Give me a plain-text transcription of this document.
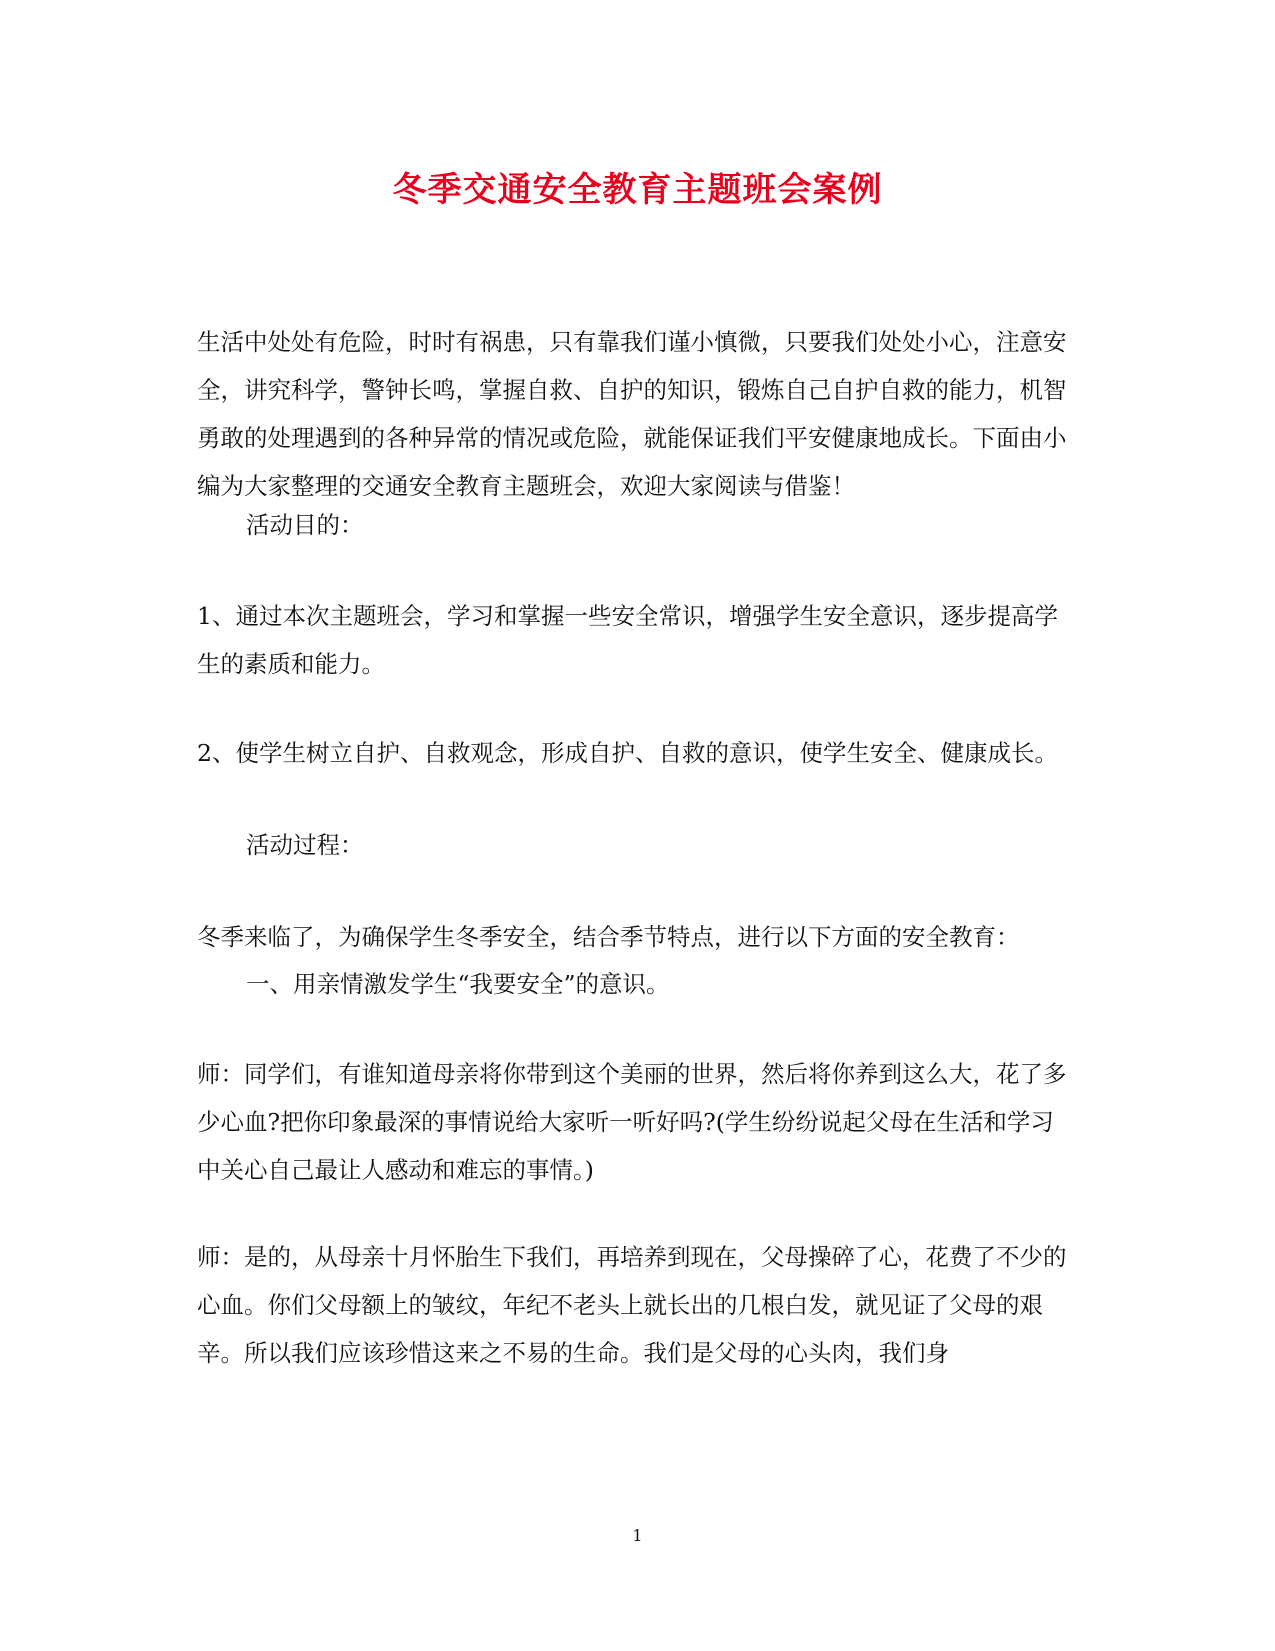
冬季交通安全教育主题班会案例

生活中处处有危险，时时有祸患，只有靠我们谨小慎微，只要我们处处小心，注意安全，讲究科学，警钟长鸣，掌握自救、自护的知识，锻炼自己自护自救的能力，机智勇敢的处理遇到的各种异常的情况或危险，就能保证我们平安健康地成长。下面由小编为大家整理的交通安全教育主题班会，欢迎大家阅读与借鉴！

活动目的：

1、通过本次主题班会，学习和掌握一些安全常识，增强学生安全意识，逐步提高学生的素质和能力。

2、使学生树立自护、自救观念，形成自护、自救的意识，使学生安全、健康成长。

活动过程：

冬季来临了，为确保学生冬季安全，结合季节特点，进行以下方面的安全教育：

一、用亲情激发学生“我要安全”的意识。

师：同学们，有谁知道母亲将你带到这个美丽的世界，然后将你养到这么大，花了多少心血?把你印象最深的事情说给大家听一听好吗?(学生纷纷说起父母在生活和学习中关心自己最让人感动和难忘的事情。)

师：是的，从母亲十月怀胎生下我们，再培养到现在，父母操碎了心，花费了不少的心血。你们父母额上的皱纹，年纪不老头上就长出的几根白发，就见证了父母的艰辛。所以我们应该珍惜这来之不易的生命。我们是父母的心头肉，我们身

1
